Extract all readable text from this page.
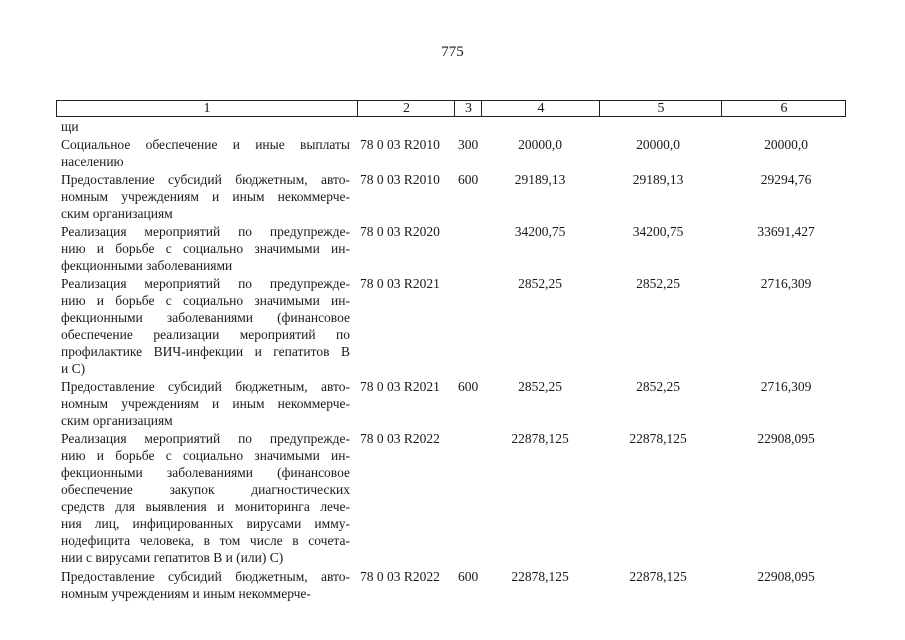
775
1	2	3	4	5	6
щи
Социальное обеспечение и иные выплаты
населению
78 0 03 R2010 300	20000,0	20000,0	20000,0
Предоставление субсидий бюджетным, авто-
номным учреждениям и иным некоммерче-
ским организациям
78 0 03 R2010 600	29189,13	29189,13	29294,76
Реализация мероприятий по предупрежде-
нию и борьбе с социально значимыми ин-
фекционными заболеваниями
78 0 03 R2020	34200,75	34200,75	33691,427
Реализация мероприятий по предупрежде-
нию и борьбе с социально значимыми ин-
фекционными заболеваниями (финансовое
обеспечение реализации мероприятий по
профилактике ВИЧ-инфекции и гепатитов В
и С)
78 0 03 R2021	2852,25	2852,25	2716,309
Предоставление субсидий бюджетным, авто-
номным учреждениям и иным некоммерче-
ским организациям
78 0 03 R2021 600	2852,25	2852,25	2716,309
Реализация мероприятий по предупрежде-
нию и борьбе с социально значимыми ин-
фекционными заболеваниями (финансовое
обеспечение закупок диагностических
средств для выявления и мониторинга лече-
ния лиц, инфицированных вирусами имму-
нодефицита человека, в том числе в сочета-
нии с вирусами гепатитов В и (или) С)
78 0 03 R2022	22878,125	22878,125	22908,095
Предоставление субсидий бюджетным, авто-
номным учреждениям и иным некоммерче-
78 0 03 R2022 600	22878,125	22878,125	22908,095
